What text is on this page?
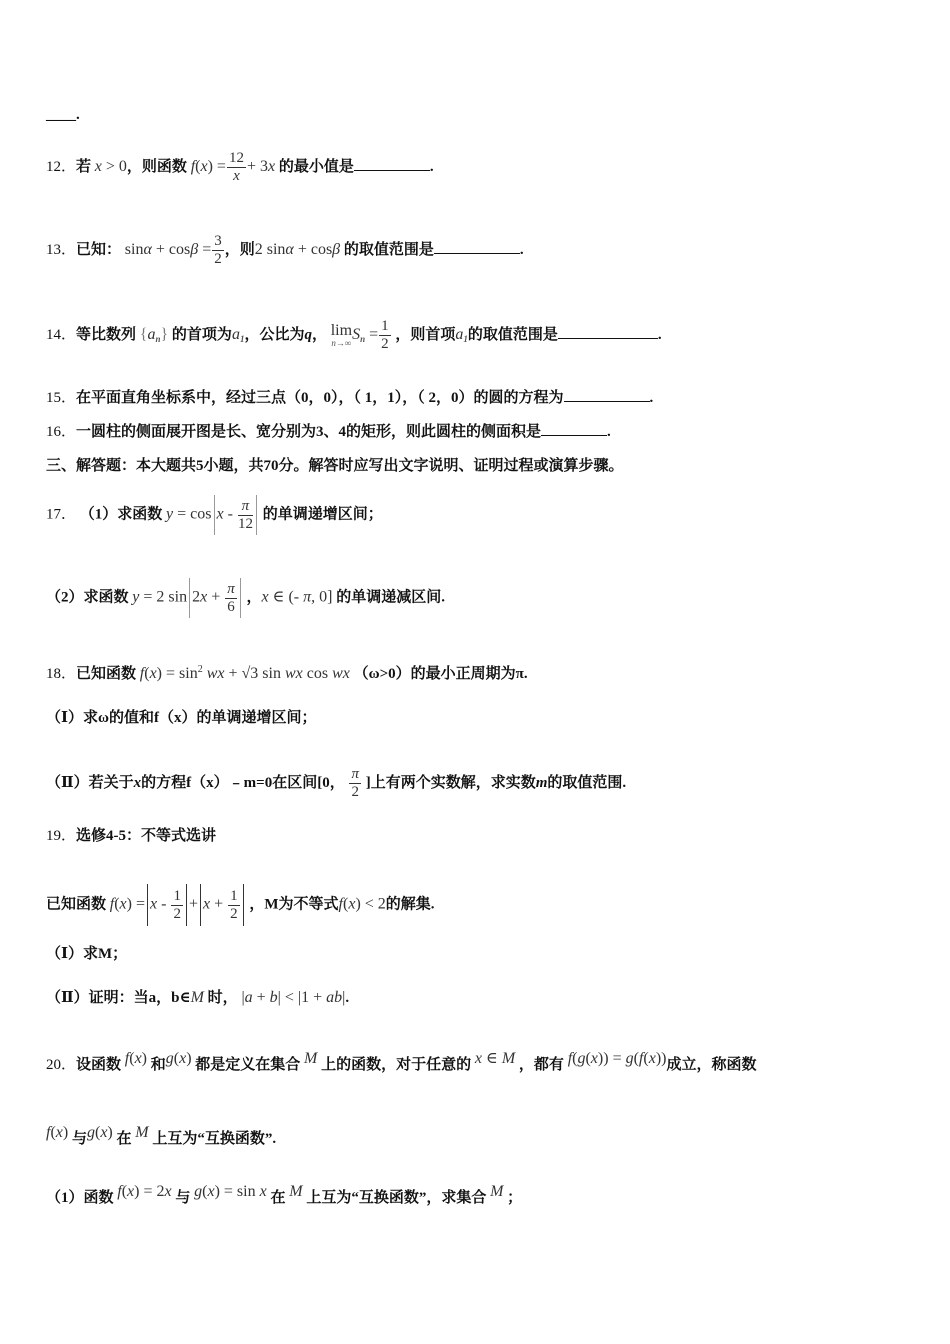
____.
12．若 x > 0，则函数 $f(x) = \frac{12}{x} + 3x$ 的最小值是	.
13．已知： $\sin\alpha + \cos\beta = \frac{3}{2}$ ，则2 sinα + cosβ 的取值范围是	.
14．等比数列 $\{a_n\}$ 的首项为$a_1$，公比为q， lim
n→∞
$S_n = \frac{1}{2}$ ，则首项$a_1$的取值范围是	.
15．在平面直角坐标系中，经过三点（0，0），（ 1，1），（ 2，0）的圆的方程为	.
16．一圆柱的侧面展开图是长、宽分别为3、4的矩形，则此圆柱的侧面积是	.
三、解答题：本大题共5小题，共70分。解答时应写出文字说明、证明过程或演算步骤。
17． （1）求函数 $y = \cos x - \frac{\pi}{12}$ 的单调递增区间；
（2）求函数 y = 2 $\sin 2x + \frac{\pi}{6}$ ，x ∈ (- π, 0] 的单调递减区间.
18．已知函数 $f(x) = \sin^2$ wx + √3 sin wx cos wx （ω>0）的最小正周期为π.
（Ⅰ）求ω的值和f（x）的单调递增区间；
（Ⅱ）若关于x的方程f（x）﹣m=0在区间[0， $\frac{\pi}{2}$ ]上有两个实数解，求实数m的取值范围.
19．选修4-5：不等式选讲
已知函数 $f(x) = x - \frac{1}{2} + x + \frac{1}{2}$ ，M为不等式f(x) < 2的解集.
（Ⅰ）求M；
（Ⅱ）证明：当a，b∈M 时， |a + b| < |1 + ab|.
20．设函数 f(x) 和g(x) 都是定义在集合 M 上的函数，对于任意的 x ∈ M ，都有 f(g(x)) = g(f(x))成立，称函数
f(x) 与g(x) 在 M 上互为“互换函数”.
（1）函数 f(x) = 2x 与 g(x) = sin x 在 M 上互为“互换函数”，求集合 M ；
